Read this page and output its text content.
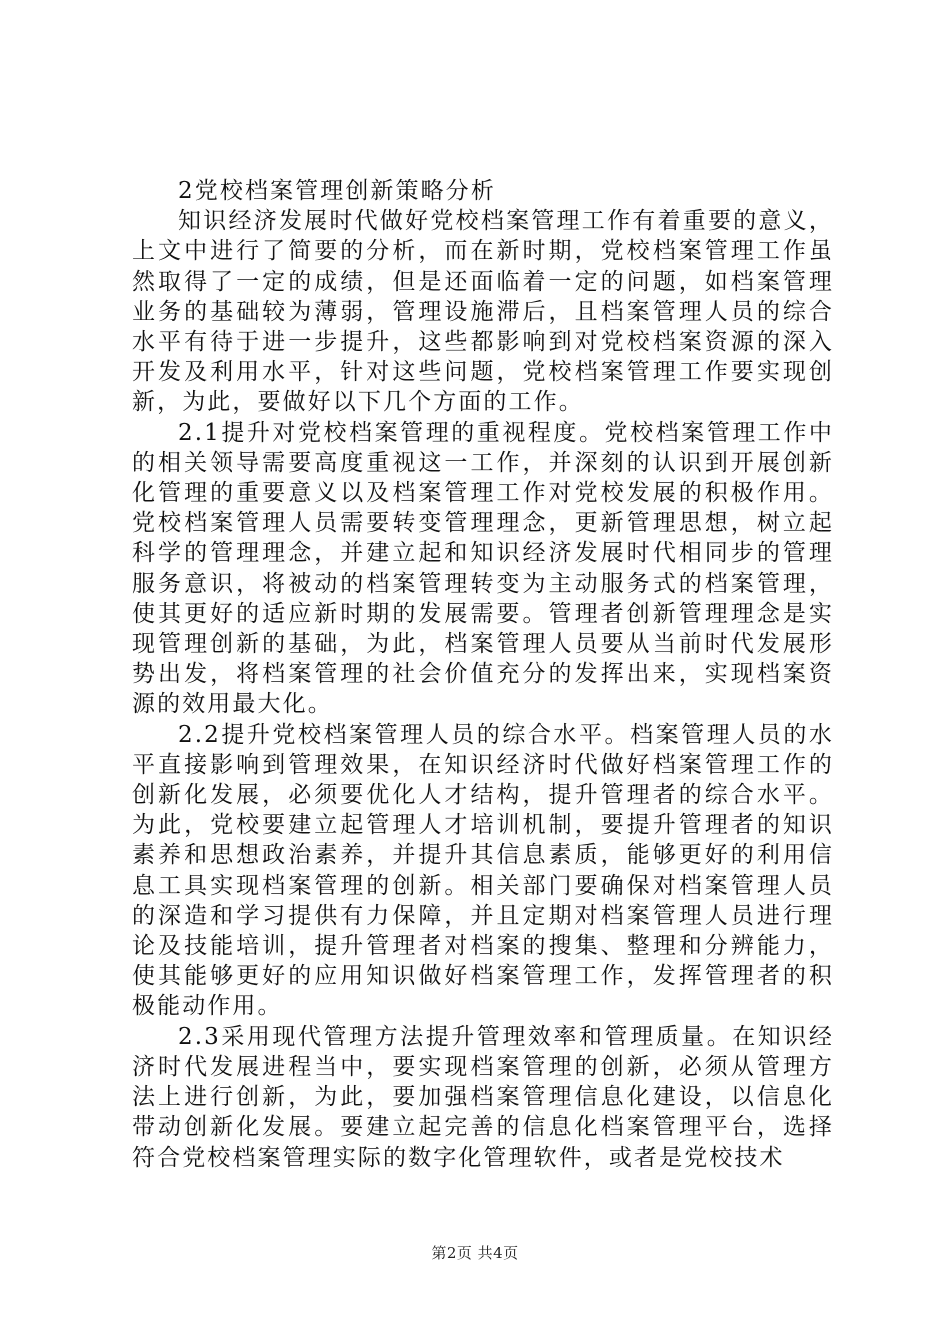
2党校档案管理创新策略分析

知识经济发展时代做好党校档案管理工作有着重要的意义，上文中进行了简要的分析，而在新时期，党校档案管理工作虽然取得了一定的成绩，但是还面临着一定的问题，如档案管理业务的基础较为薄弱，管理设施滞后，且档案管理人员的综合水平有待于进一步提升，这些都影响到对党校档案资源的深入开发及利用水平，针对这些问题，党校档案管理工作要实现创新，为此，要做好以下几个方面的工作。

2.1提升对党校档案管理的重视程度。党校档案管理工作中的相关领导需要高度重视这一工作，并深刻的认识到开展创新化管理的重要意义以及档案管理工作对党校发展的积极作用。党校档案管理人员需要转变管理理念，更新管理思想，树立起科学的管理理念，并建立起和知识经济发展时代相同步的管理服务意识，将被动的档案管理转变为主动服务式的档案管理，使其更好的适应新时期的发展需要。管理者创新管理理念是实现管理创新的基础，为此，档案管理人员要从当前时代发展形势出发，将档案管理的社会价值充分的发挥出来，实现档案资源的效用最大化。

2.2提升党校档案管理人员的综合水平。档案管理人员的水平直接影响到管理效果，在知识经济时代做好档案管理工作的创新化发展，必须要优化人才结构，提升管理者的综合水平。为此，党校要建立起管理人才培训机制，要提升管理者的知识素养和思想政治素养，并提升其信息素质，能够更好的利用信息工具实现档案管理的创新。相关部门要确保对档案管理人员的深造和学习提供有力保障，并且定期对档案管理人员进行理论及技能培训，提升管理者对档案的搜集、整理和分辨能力，使其能够更好的应用知识做好档案管理工作，发挥管理者的积极能动作用。

2.3采用现代管理方法提升管理效率和管理质量。在知识经济时代发展进程当中，要实现档案管理的创新，必须从管理方法上进行创新，为此，要加强档案管理信息化建设，以信息化带动创新化发展。要建立起完善的信息化档案管理平台，选择符合党校档案管理实际的数字化管理软件，或者是党校技术

第2页 共4页
